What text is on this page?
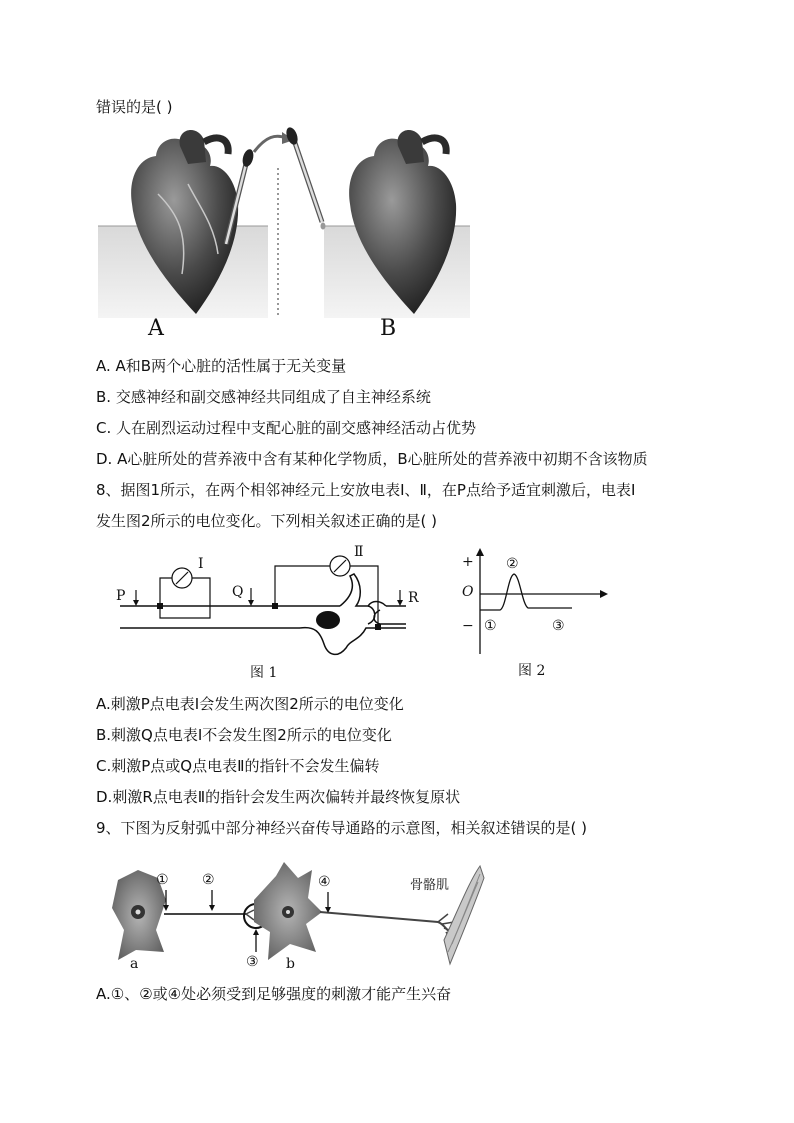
错误的是( )
A	B
A. A和B两个心脏的活性属于无关变量
B. 交感神经和副交感神经共同组成了自主神经系统
C. 人在剧烈运动过程中支配心脏的副交感神经活动占优势
D. A心脏所处的营养液中含有某种化学物质，B心脏所处的营养液中初期不含该物质
8、据图1所示，在两个相邻神经元上安放电表Ⅰ、Ⅱ，在P点给予适宜刺激后，电表Ⅰ
发生图2所示的电位变化。下列相关叙述正确的是( )
P	Q	R
Ⅰ
Ⅱ
图 1
+
O
− ①
②
③
图 2
A.刺激P点电表Ⅰ会发生两次图2所示的电位变化
B.刺激Q点电表Ⅰ不会发生图2所示的电位变化
C.刺激P点或Q点电表Ⅱ的指针不会发生偏转
D.刺激R点电表Ⅱ的指针会发生两次偏转并最终恢复原状
9、下图为反射弧中部分神经兴奋传导通路的示意图，相关叙述错误的是( )
① ②
③
④
a	b
骨骼肌
A.①、②或④处必须受到足够强度的刺激才能产生兴奋
